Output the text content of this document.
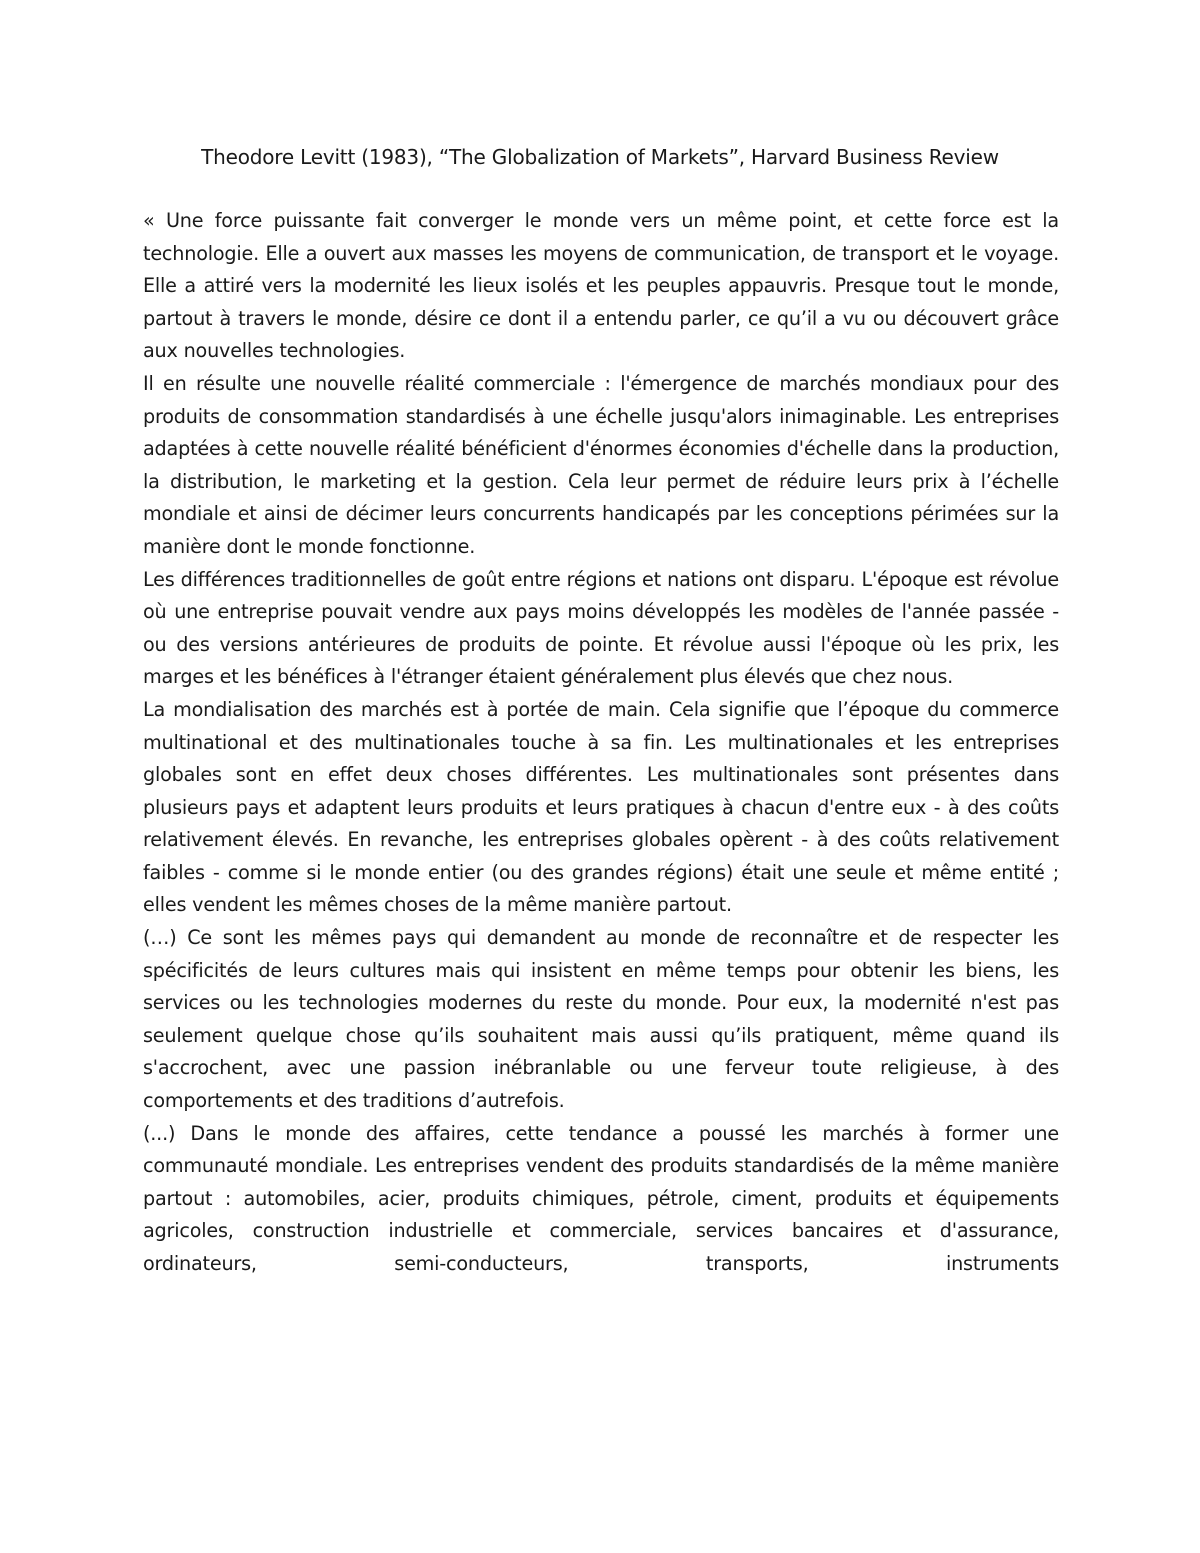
Theodore Levitt (1983), “The Globalization of Markets”, Harvard Business Review

« Une force puissante fait converger le monde vers un même point, et cette force est la technologie. Elle a ouvert aux masses les moyens de communication, de transport et le voyage. Elle a attiré vers la modernité les lieux isolés et les peuples appauvris. Presque tout le monde, partout à travers le monde, désire ce dont il a entendu parler, ce qu’il a vu ou découvert grâce aux nouvelles technologies.

Il en résulte une nouvelle réalité commerciale : l'émergence de marchés mondiaux pour des produits de consommation standardisés à une échelle jusqu'alors inimaginable. Les entreprises adaptées à cette nouvelle réalité bénéficient d'énormes économies d'échelle dans la production, la distribution, le marketing et la gestion. Cela leur permet de réduire leurs prix à l’échelle mondiale et ainsi de décimer leurs concurrents handicapés par les conceptions périmées sur la manière dont le monde fonctionne.

Les différences traditionnelles de goût entre régions et nations ont disparu. L'époque est révolue où une entreprise pouvait vendre aux pays moins développés les modèles de l'année passée - ou des versions antérieures de produits de pointe. Et révolue aussi l'époque où les prix, les marges et les bénéfices à l'étranger étaient généralement plus élevés que chez nous.

La mondialisation des marchés est à portée de main. Cela signifie que l’époque du commerce multinational et des multinationales touche à sa fin. Les multinationales et les entreprises globales sont en effet deux choses différentes. Les multinationales sont présentes dans plusieurs pays et adaptent leurs produits et leurs pratiques à chacun d'entre eux - à des coûts relativement élevés. En revanche, les entreprises globales opèrent - à des coûts relativement faibles - comme si le monde entier (ou des grandes régions) était une seule et même entité ; elles vendent les mêmes choses de la même manière partout.

(…) Ce sont les mêmes pays qui demandent au monde de reconnaître et de respecter les spécificités de leurs cultures mais qui insistent en même temps pour obtenir les biens, les services ou les technologies modernes du reste du monde. Pour eux, la modernité n'est pas seulement quelque chose qu’ils souhaitent mais aussi qu’ils pratiquent, même quand ils s'accrochent, avec une passion inébranlable ou une ferveur toute religieuse, à des comportements et des traditions d’autrefois.

(...) Dans le monde des affaires, cette tendance a poussé les marchés à former une communauté mondiale. Les entreprises vendent des produits standardisés de la même manière partout : automobiles, acier, produits chimiques, pétrole, ciment, produits et équipements agricoles, construction industrielle et commerciale, services bancaires et d'assurance, ordinateurs, semi-conducteurs, transports, instruments
